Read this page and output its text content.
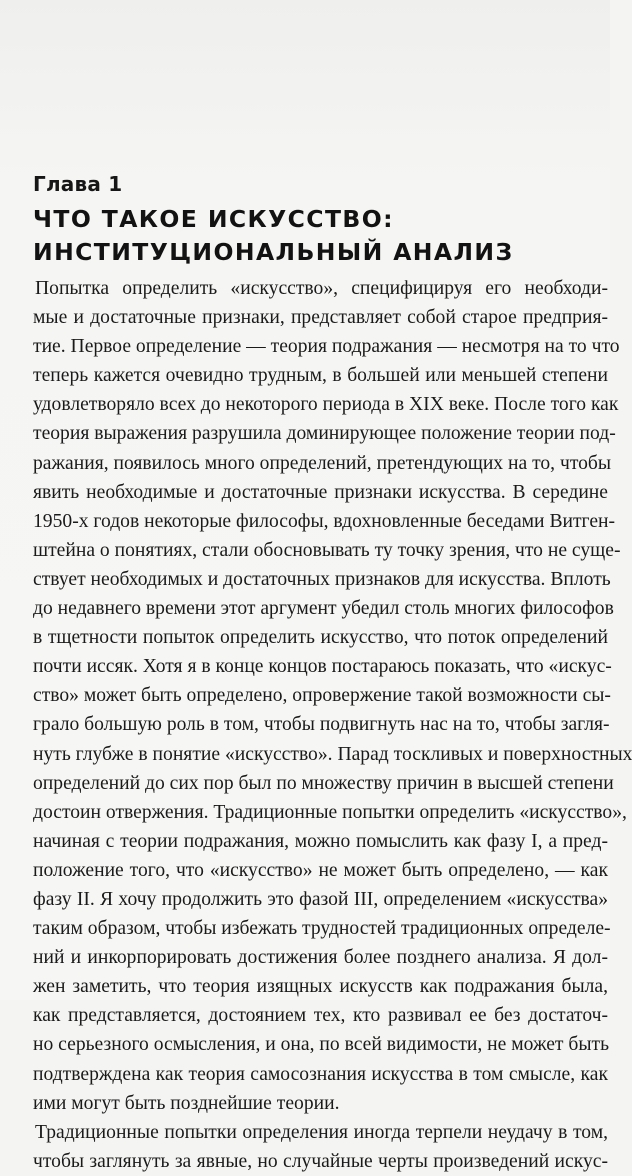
Глава 1
ЧТО ТАКОЕ ИСКУССТВО:
ИНСТИТУЦИОНАЛЬНЫЙ АНАЛИЗ
Попытка определить «искусство», специфицируя его необходи-
мые и достаточные признаки, представляет собой старое предприя-
тие. Первое определение — теория подражания — несмотря на то что
теперь кажется очевидно трудным, в большей или меньшей степени
удовлетворяло всех до некоторого периода в XIX веке. После того как
теория выражения разрушила доминирующее положение теории под-
ражания, появилось много определений, претендующих на то, чтобы
явить необходимые и достаточные признаки искусства. В середине
1950-х годов некоторые философы, вдохновленные беседами Витген-
штейна о понятиях, стали обосновывать ту точку зрения, что не суще-
ствует необходимых и достаточных признаков для искусства. Вплоть
до недавнего времени этот аргумент убедил столь многих философов
в тщетности попыток определить искусство, что поток определений
почти иссяк. Хотя я в конце концов постараюсь показать, что «искус-
ство» может быть определено, опровержение такой возможности сы-
грало большую роль в том, чтобы подвигнуть нас на то, чтобы загля-
нуть глубже в понятие «искусство». Парад тоскливых и поверхностных
определений до сих пор был по множеству причин в высшей степени
достоин отвержения. Традиционные попытки определить «искусство»,
начиная с теории подражания, можно помыслить как фазу I, а пред-
положение того, что «искусство» не может быть определено, — как
фазу II. Я хочу продолжить это фазой III, определением «искусства»
таким образом, чтобы избежать трудностей традиционных определе-
ний и инкорпорировать достижения более позднего анализа. Я дол-
жен заметить, что теория изящных искусств как подражания была,
как представляется, достоянием тех, кто развивал ее без достаточ-
но серьезного осмысления, и она, по всей видимости, не может быть
подтверждена как теория самосознания искусства в том смысле, как
ими могут быть позднейшие теории.
Традиционные попытки определения иногда терпели неудачу в том,
чтобы заглянуть за явные, но случайные черты произведений искус-
